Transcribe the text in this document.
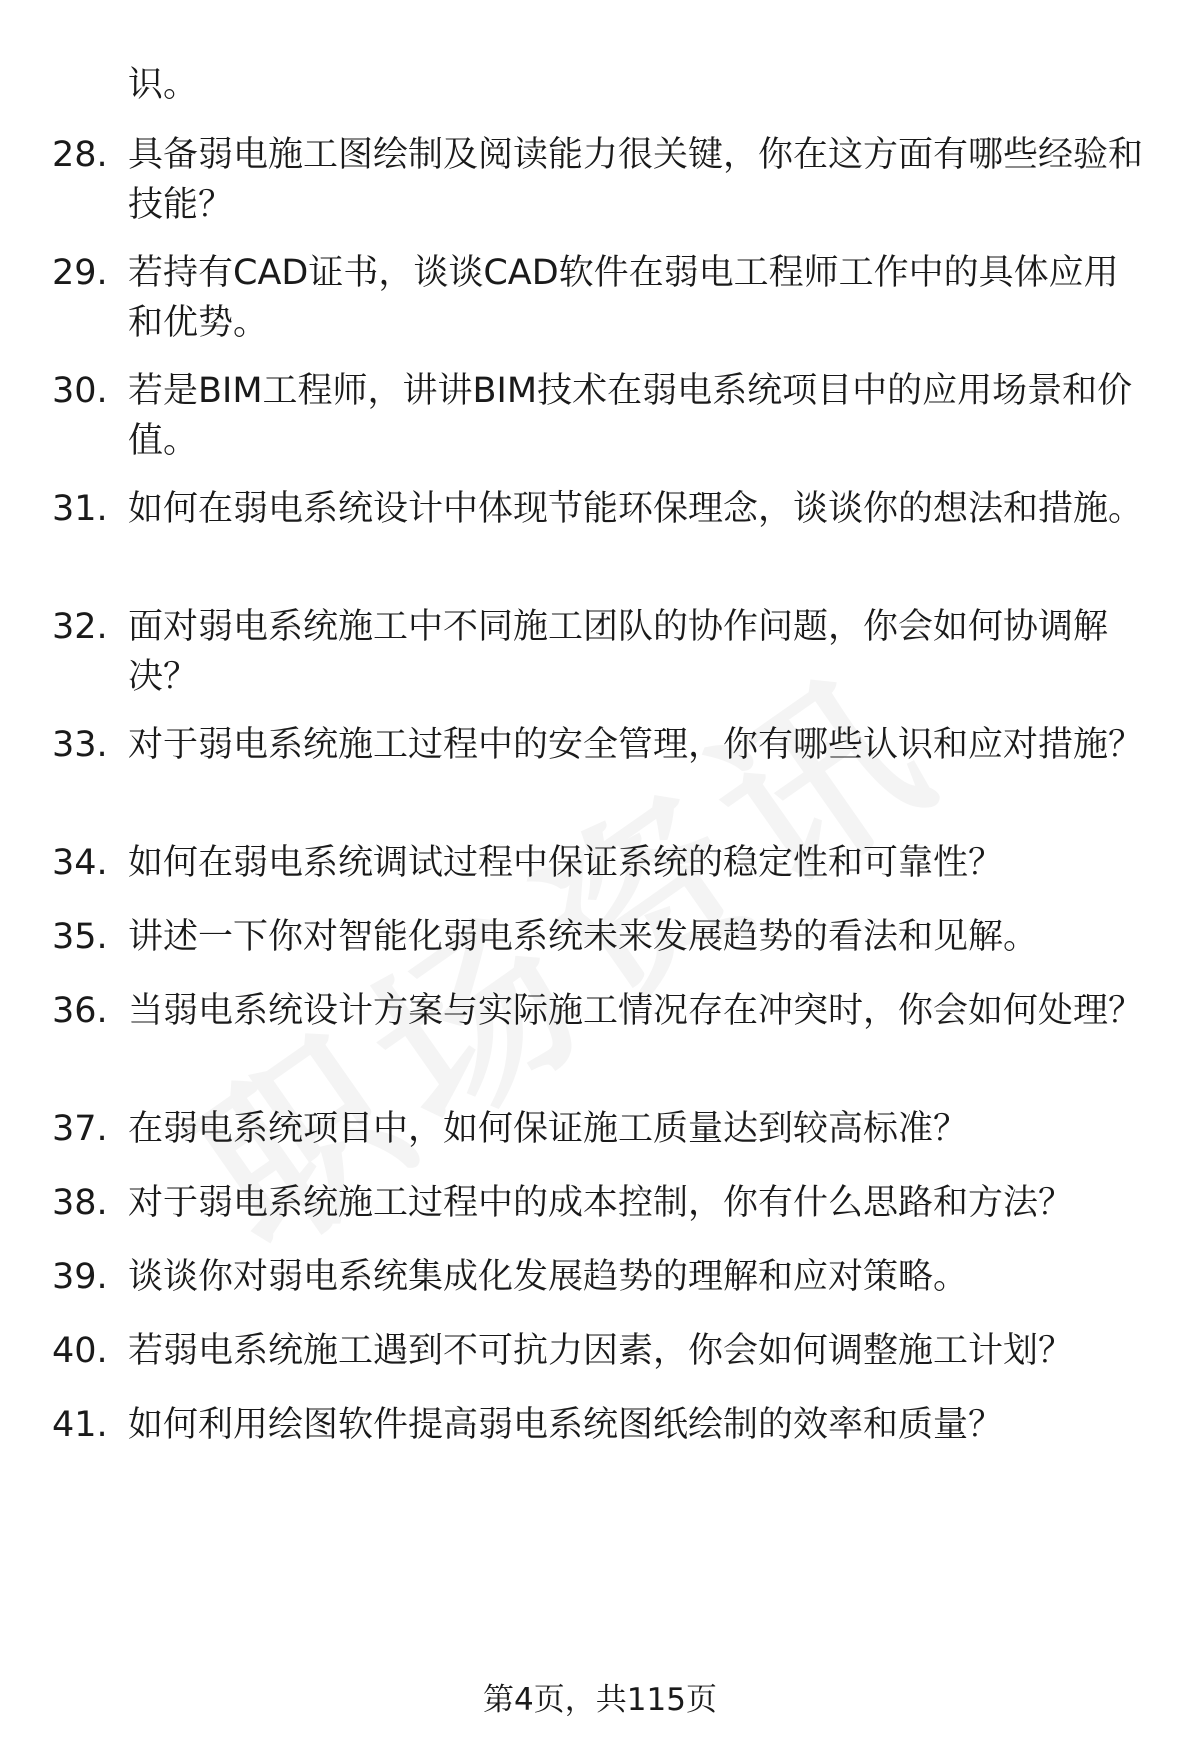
识。

28. 具备弱电施工图绘制及阅读能力很关键，你在这方面有哪些经验和技能？

29. 若持有CAD证书，谈谈CAD软件在弱电工程师工作中的具体应用和优势。

30. 若是BIM工程师，讲讲BIM技术在弱电系统项目中的应用场景和价值。

31. 如何在弱电系统设计中体现节能环保理念，谈谈你的想法和措施。

32. 面对弱电系统施工中不同施工团队的协作问题，你会如何协调解决？

33. 对于弱电系统施工过程中的安全管理，你有哪些认识和应对措施？

34. 如何在弱电系统调试过程中保证系统的稳定性和可靠性？

35. 讲述一下你对智能化弱电系统未来发展趋势的看法和见解。

36. 当弱电系统设计方案与实际施工情况存在冲突时，你会如何处理？

37. 在弱电系统项目中，如何保证施工质量达到较高标准？

38. 对于弱电系统施工过程中的成本控制，你有什么思路和方法？

39. 谈谈你对弱电系统集成化发展趋势的理解和应对策略。

40. 若弱电系统施工遇到不可抗力因素，你会如何调整施工计划？

41. 如何利用绘图软件提高弱电系统图纸绘制的效率和质量？

第4页，共115页
